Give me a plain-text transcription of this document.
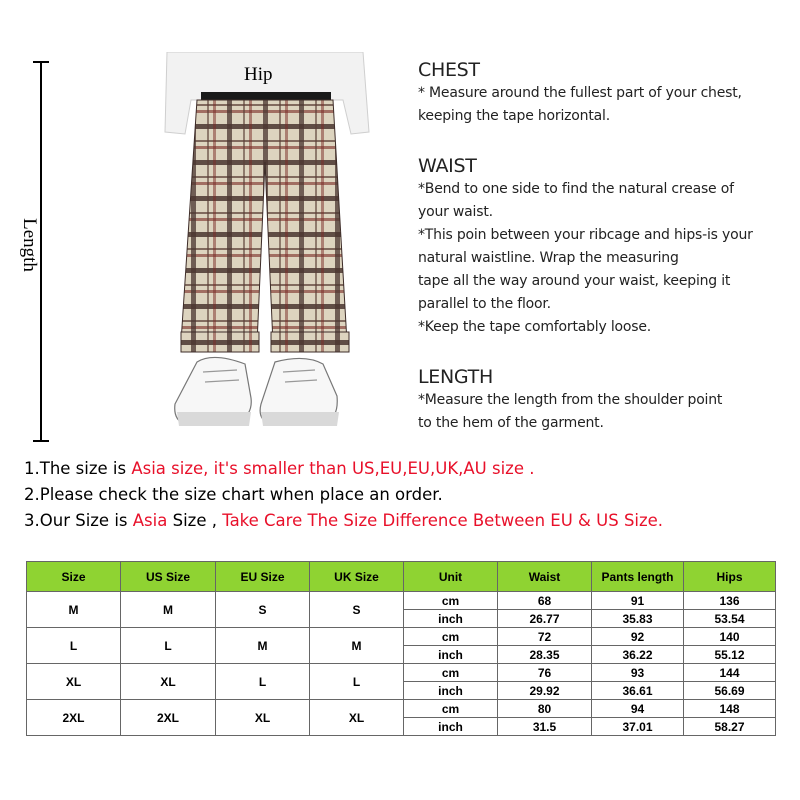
Length
Hip	CHEST

* Measure around the fullest part of your chest,

keeping the tape horizontal.

WAIST

*Bend to one side to find the natural crease of

your waist.

*This poin between your ribcage and hips-is your

natural waistline. Wrap the measuring

tape all the way around your waist, keeping it

parallel to the floor.

*Keep the tape comfortably loose.

LENGTH

*Measure the length from the shoulder point

to the hem of the garment.

1.The size is Asia size, it's smaller than US,EU,EU,UK,AU size .
2.Please check the size chart when place an order.
3.Our Size is Asia Size , Take Care The Size Difference Between EU & US Size.
Size	US Size	EU Size	UK Size	Unit	Waist	Pants length	Hips
M	M	S	S	cm	68	91	136
				inch	26.77	35.83	53.54
L	L	M	M	cm	72	92	140
				inch	28.35	36.22	55.12
XL	XL	L	L	cm	76	93	144
				inch	29.92	36.61	56.69
2XL	2XL	XL	XL	cm	80	94	148
				inch	31.5	37.01	58.27
